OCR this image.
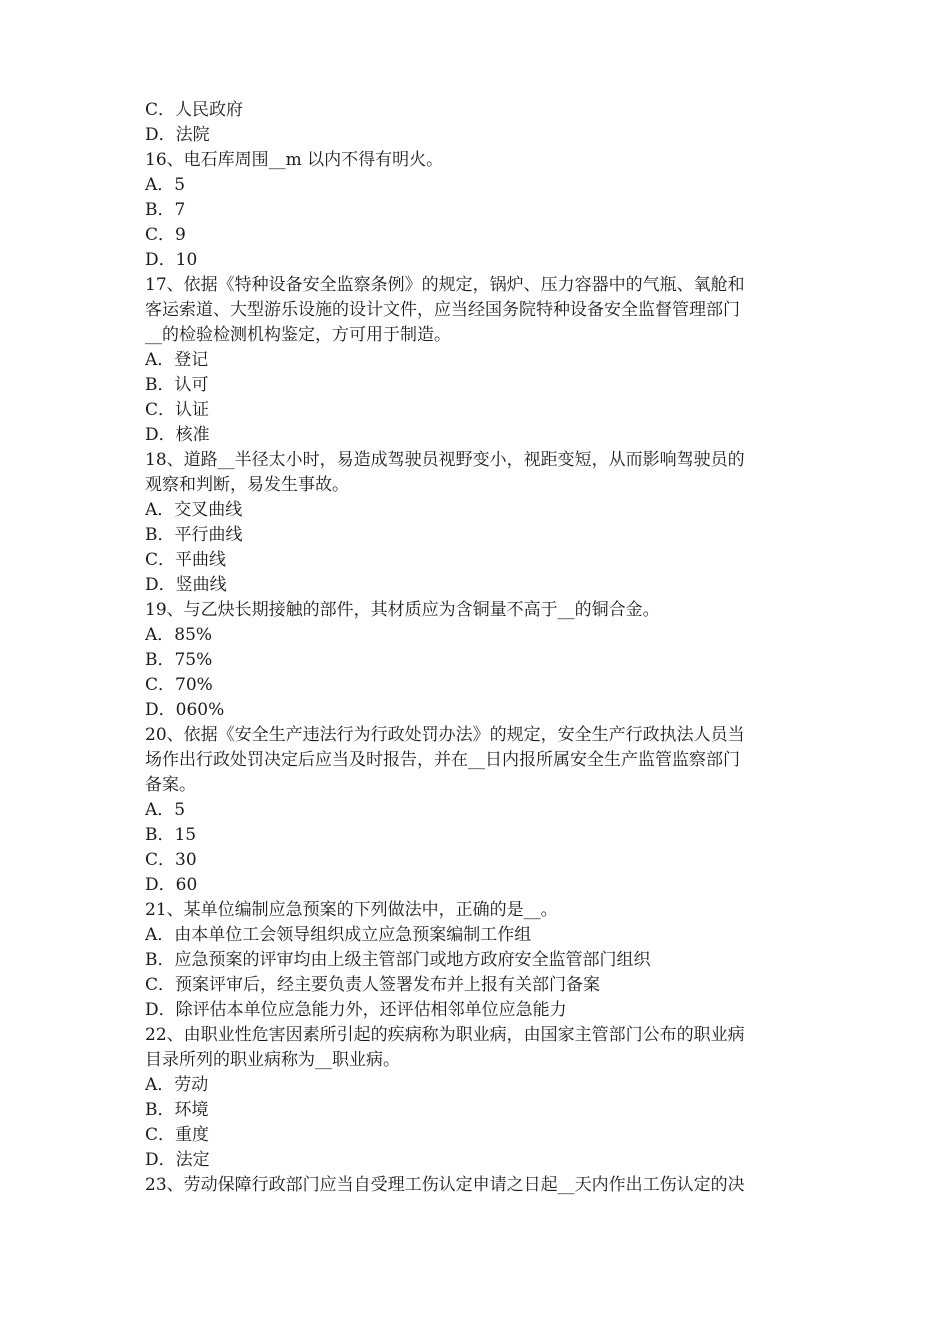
C．人民政府
D．法院
16、电石库周围__m 以内不得有明火。
A．5
B．7
C．9
D．10
17、依据《特种设备安全监察条例》的规定，锅炉、压力容器中的气瓶、氧舱和
客运索道、大型游乐设施的设计文件，应当经国务院特种设备安全监督管理部门
__的检验检测机构鉴定，方可用于制造。
A．登记
B．认可
C．认证
D．核准
18、道路__半径太小时，易造成驾驶员视野变小，视距变短，从而影响驾驶员的
观察和判断，易发生事故。
A．交叉曲线
B．平行曲线
C．平曲线
D．竖曲线
19、与乙炔长期接触的部件，其材质应为含铜量不高于__的铜合金。
A．85%
B．75%
C．70%
D．060%
20、依据《安全生产违法行为行政处罚办法》的规定，安全生产行政执法人员当
场作出行政处罚决定后应当及时报告，并在__日内报所属安全生产监管监察部门
备案。
A．5
B．15
C．30
D．60
21、某单位编制应急预案的下列做法中，正确的是__。
A．由本单位工会领导组织成立应急预案编制工作组
B．应急预案的评审均由上级主管部门或地方政府安全监管部门组织
C．预案评审后，经主要负责人签署发布并上报有关部门备案
D．除评估本单位应急能力外，还评估相邻单位应急能力
22、由职业性危害因素所引起的疾病称为职业病，由国家主管部门公布的职业病
目录所列的职业病称为__职业病。
A．劳动
B．环境
C．重度
D．法定
23、劳动保障行政部门应当自受理工伤认定申请之日起__天内作出工伤认定的决
